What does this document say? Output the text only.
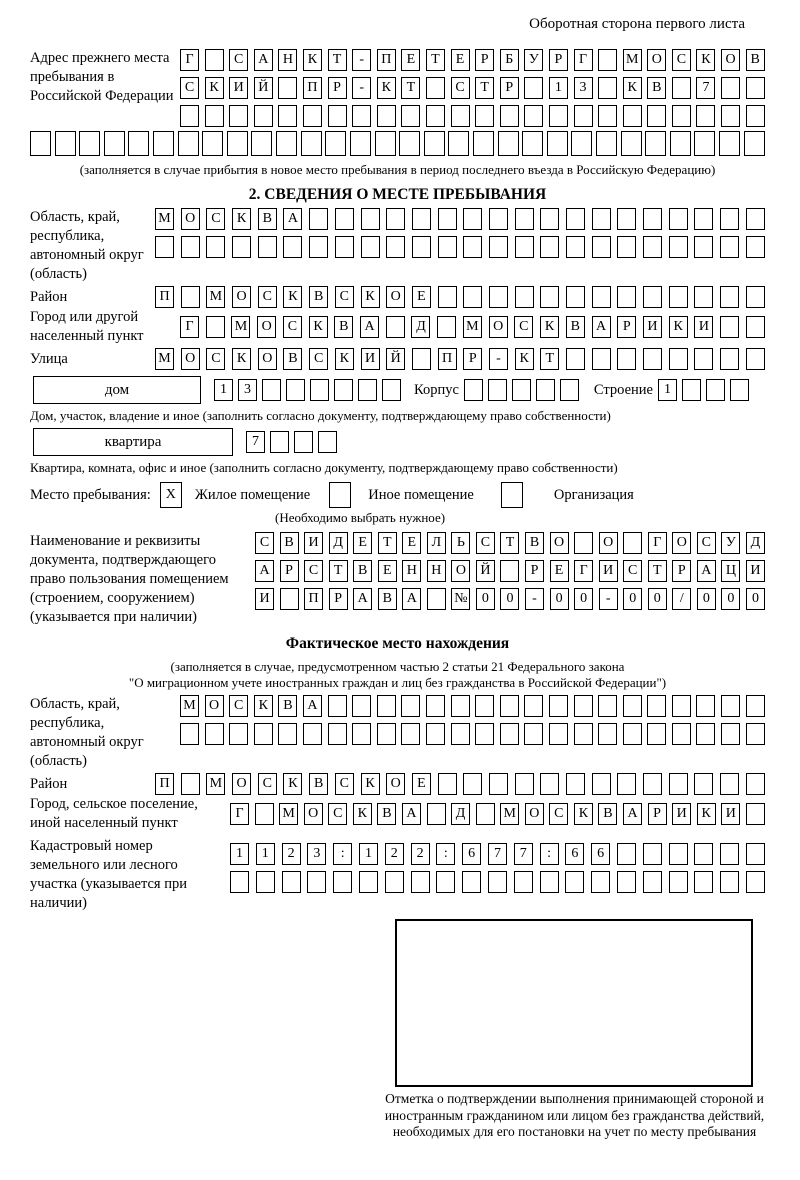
Оборотная сторона первого листа
Адрес прежнего места пребывания в Российской Федерации
Г	С	А	Н	К	Т	-	П	Е	Т	Е	Р	Б	У	Р	Г	М О	С	К	О	В
С	К	И	Й	П	Р	-	К	Т	С	Т	Р	1	3	К	В	7
(заполняется в случае прибытия в новое место пребывания в период последнего въезда в Российскую Федерацию)
2. СВЕДЕНИЯ О МЕСТЕ ПРЕБЫВАНИЯ
Область, край, республика, автономный округ (область)
М	О	С	К	В	А
Район	П	М	О	С	К	В	С	К	О	Е
Город или другой населенный пункт
Г	М	О	С	К	В	А	Д	М	О	С	К	В	А	Р	И	К	И
Улица	М	О	С	К	О	В	С	К	И	Й	П	Р	-	К	Т
дом	1	3	Корпус	Строение 1
Дом, участок, владение и иное (заполнить согласно документу, подтверждающему право собственности)
квартира	7
Квартира, комната, офис и иное (заполнить согласно документу, подтверждающему право собственности)
Место пребывания:	X	Жилое помещение	Иное помещение	Организация
(Необходимо выбрать нужное)
Наименование и реквизиты документа, подтверждающего право пользования помещением (строением, сооружением) (указывается при наличии)
С	В	И	Д	Е	Т	Е	Л	Ь	С	Т	В	О	О	Г	О	С	У	Д
А	Р	С	Т	В	Е	Н	Н	О	Й	Р	Е	Г	И	С	Т	Р	А	Ц	И
И	П	Р	А	В	А	№	0	0	-	0	0	-	0	0	/	0	0	0
Фактическое место нахождения
(заполняется в случае, предусмотренном частью 2 статьи 21 Федерального закона
"О миграционном учете иностранных граждан и лиц без гражданства в Российской Федерации")
Область, край, республика, автономный округ (область)
М О	С	К	В	А
Район	П	М	О	С	К	В	С	К	О	Е
Город, сельское поселение, иной населенный пункт
Г	М О	С	К	В	А	Д	М О	С	К	В	А	Р	И	К	И
Кадастровый номер земельного или лесного участка (указывается при наличии)
1	1	2	3	:	1	2	2	:	6	7	7	:	6	6
Отметка о подтверждении выполнения принимающей стороной и иностранным гражданином или лицом без гражданства действий, необходимых для его постановки на учет по месту пребывания
